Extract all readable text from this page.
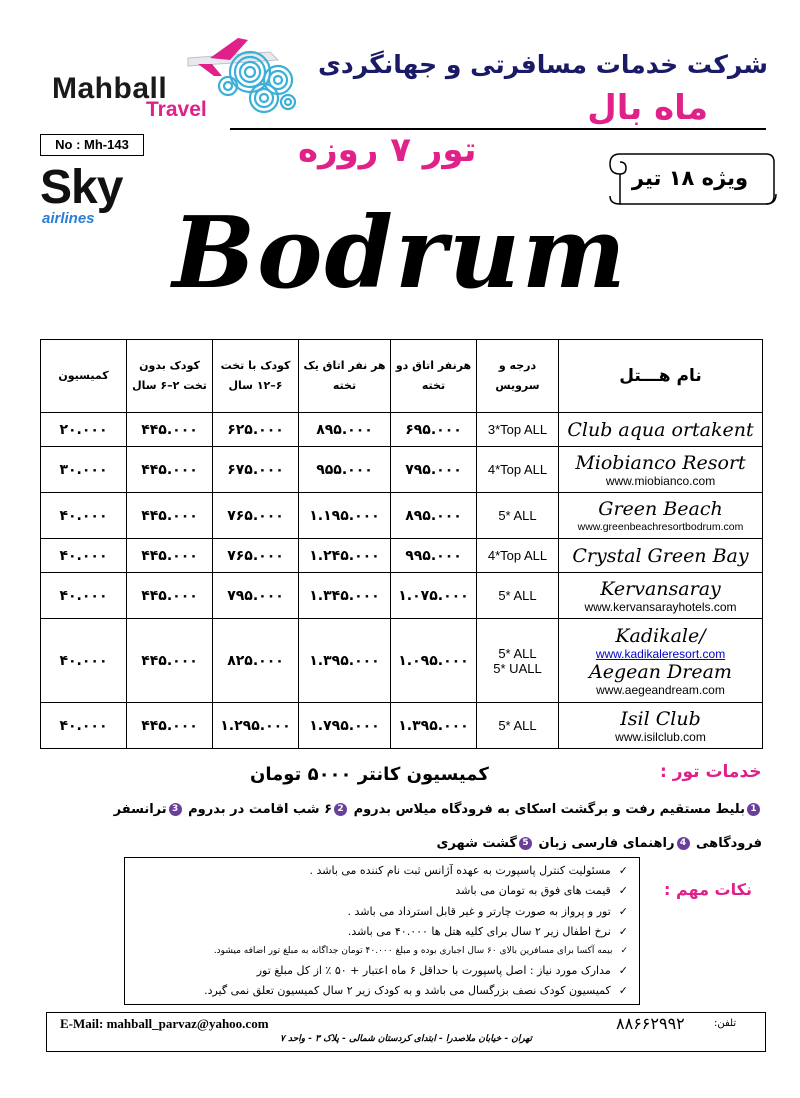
Mahball
Travel
شرکت خدمات مسافرتی و جهانگردی
ماه بال
No : Mh-143
Sky
airlines
تور ۷ روزه
ویژه ۱۸ تیر
Bodrum
کمیسیون	کودک بدون تخت ۲–۶ سال	کودک با تخت ۶–۱۲ سال	هر نفر اتاق یک تخته	هرنفر اتاق دو تخته	درجه و سرویس	نام هـــتل
۲۰.۰۰۰	۴۴۵.۰۰۰	۶۲۵.۰۰۰	۸۹۵.۰۰۰	۶۹۵.۰۰۰	3*Top ALL	Club aqua ortakent

۳۰.۰۰۰	۴۴۵.۰۰۰	۶۷۵.۰۰۰	۹۵۵.۰۰۰	۷۹۵.۰۰۰	4*Top ALL	Miobianco Resort
www.miobianco.com

۴۰.۰۰۰	۴۴۵.۰۰۰	۷۶۵.۰۰۰	۱.۱۹۵.۰۰۰	۸۹۵.۰۰۰	5* ALL	Green Beach
www.greenbeachresortbodrum.com

۴۰.۰۰۰	۴۴۵.۰۰۰	۷۶۵.۰۰۰	۱.۲۴۵.۰۰۰	۹۹۵.۰۰۰	4*Top ALL	Crystal Green Bay

۴۰.۰۰۰	۴۴۵.۰۰۰	۷۹۵.۰۰۰	۱.۳۴۵.۰۰۰	۱.۰۷۵.۰۰۰	5* ALL	Kervansaray
www.kervansarayhotels.com

۴۰.۰۰۰	۴۴۵.۰۰۰	۸۲۵.۰۰۰	۱.۳۹۵.۰۰۰	۱.۰۹۵.۰۰۰	5* ALL
5* UALL	Kadikale/
www.kadikaleresort.com
Aegean Dream
www.aegeandream.com

۴۰.۰۰۰	۴۴۵.۰۰۰	۱.۲۹۵.۰۰۰	۱.۷۹۵.۰۰۰	۱.۳۹۵.۰۰۰	5* ALL	Isil Club
www.isilclub.com
خدمات تور :
کمیسیون کانتر ۵۰۰۰ تومان
1بلیط مستقیم رفت و برگشت اسکای به فرودگاه میلاس بدروم 2۶ شب اقامت در بدروم 3ترانسفر
فرودگاهی 4راهنمای فارسی زبان 5گشت شهری
نکات مهم :
✓مسئولیت کنترل پاسپورت به عهده آژانس ثبت نام کننده می باشد .
✓قیمت های فوق به تومان می باشد
✓تور و پرواز به صورت چارتر و غیر قابل استرداد می باشد .
✓نرخ اطفال زیر ۲ سال برای کلیه هتل ها ۴۰.۰۰۰ می باشد.
✓بیمه آکسا برای مسافرین بالای ۶۰ سال اجباری بوده و مبلغ ۴۰.۰۰۰ تومان جداگانه به مبلغ تور اضافه میشود.
✓مدارک مورد نیاز : اصل پاسپورت با حداقل ۶ ماه اعتبار + ۵۰ ٪ از کل مبلغ تور
✓کمیسیون کودک نصف بزرگسال می باشد و به کودک زیر ۲ سال کمیسیون تعلق نمی گیرد.
E-Mail: mahball_parvaz@yahoo.com	تلفن:
۸۸۶۶۲۹۹۲
تهران - خیابان ملاصدرا - ابتدای کردستان شمالی - پلاک ۳ - واحد ۷
